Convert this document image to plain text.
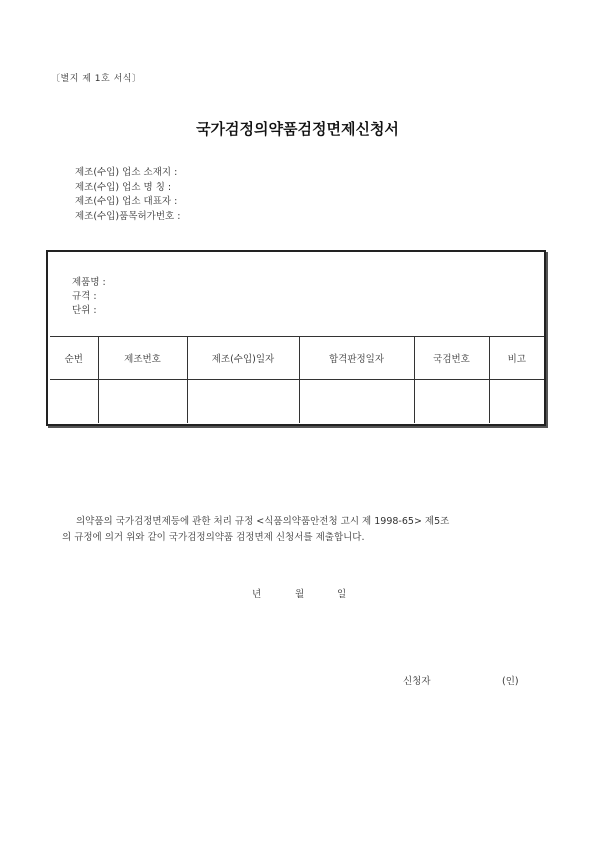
〔별지 제 1호 서식〕
국가검정의약품검정면제신청서
제조(수입) 업소 소재지 :
제조(수입) 업소 명 칭 :
제조(수입) 업소 대표자 :
제조(수입)품목허가번호 :
제품명 :
규격 :
단위 :
순번	제조번호	제조(수입)일자	합격판정일자	국검번호	비고

의약품의 국가검정면제등에 관한 처리 규정 <식품의약품안전청 고시 제 1998-65> 제5조
의 규정에 의거 위와 같이 국가검정의약품 검정면제 신청서를 제출합니다.
년	월	일
신청자	(인)
